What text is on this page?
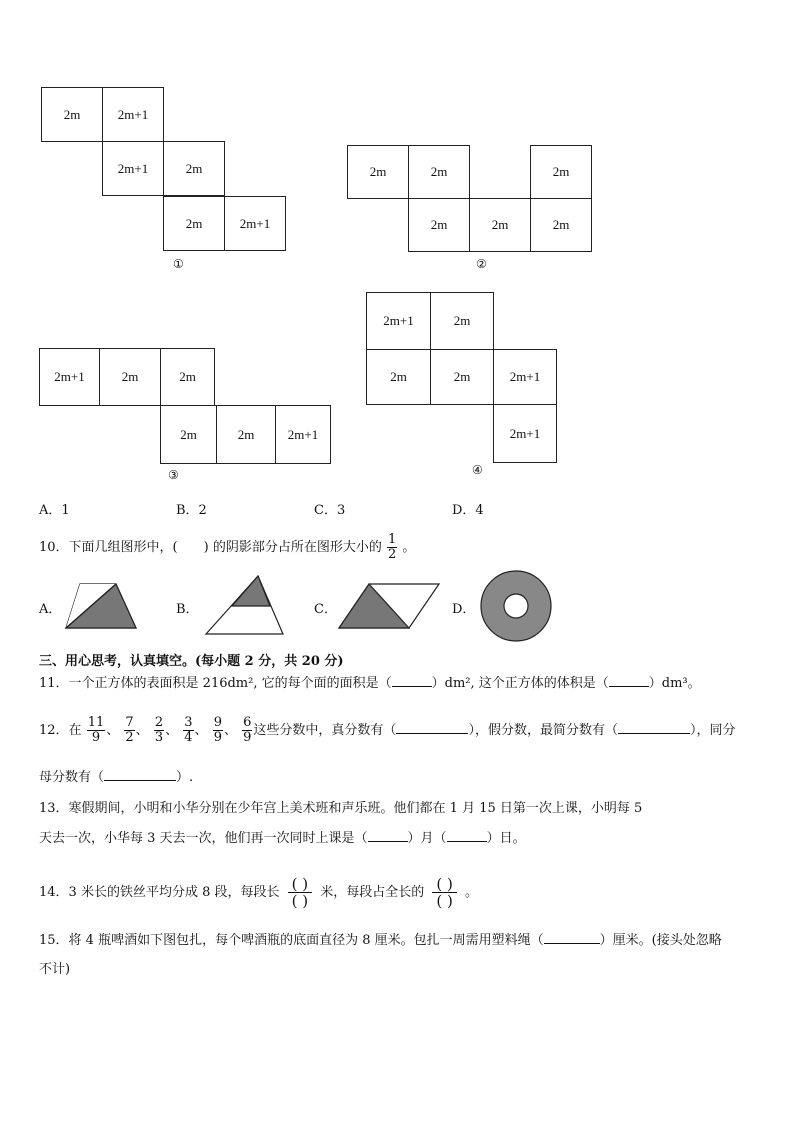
2m	2m+1
2m+1	2m
2m	2m+1
①
2m	2m	2m
2m	2m	2m
②
2m+1	2m	2m
2m	2m	2m+1
③
2m+1	2m
2m	2m	2m+1
2m+1
④
A．1	B．2	C．3	D．4
10．下面几组图形中，(　　) 的阴影部分占所在图形大小的 $\frac{1}{2}$ 。
A．	B．	C．	D．
三、用心思考，认真填空。(每小题 2 分，共 20 分)
11．一个正方体的表面积是 216dm², 它的每个面的面积是（	）dm², 这个正方体的体积是（	）dm³。
12．在 $\frac{11}{9}$ 、 $\frac{7}{2}$ 、 $\frac{2}{3}$ 、 $\frac{3}{4}$ 、 $\frac{9}{9}$ 、 $\frac{6}{9}$ 这些分数中，真分数有（	），假分数，最简分数有（	），同分
母分数有（	）.
13．寒假期间，小明和小华分别在少年宫上美术班和声乐班。他们都在 1 月 15 日第一次上课，小明每 5
天去一次，小华每 3 天去一次，他们再一次同时上课是（	）月（	）日。
14．3 米长的铁丝平均分成 8 段，每段长 ( )
( ) 米，每段占全长的 ( )
( ) 。
15．将 4 瓶啤酒如下图包扎，每个啤酒瓶的底面直径为 8 厘米。包扎一周需用塑料绳（	）厘米。(接头处忽略
不计)
